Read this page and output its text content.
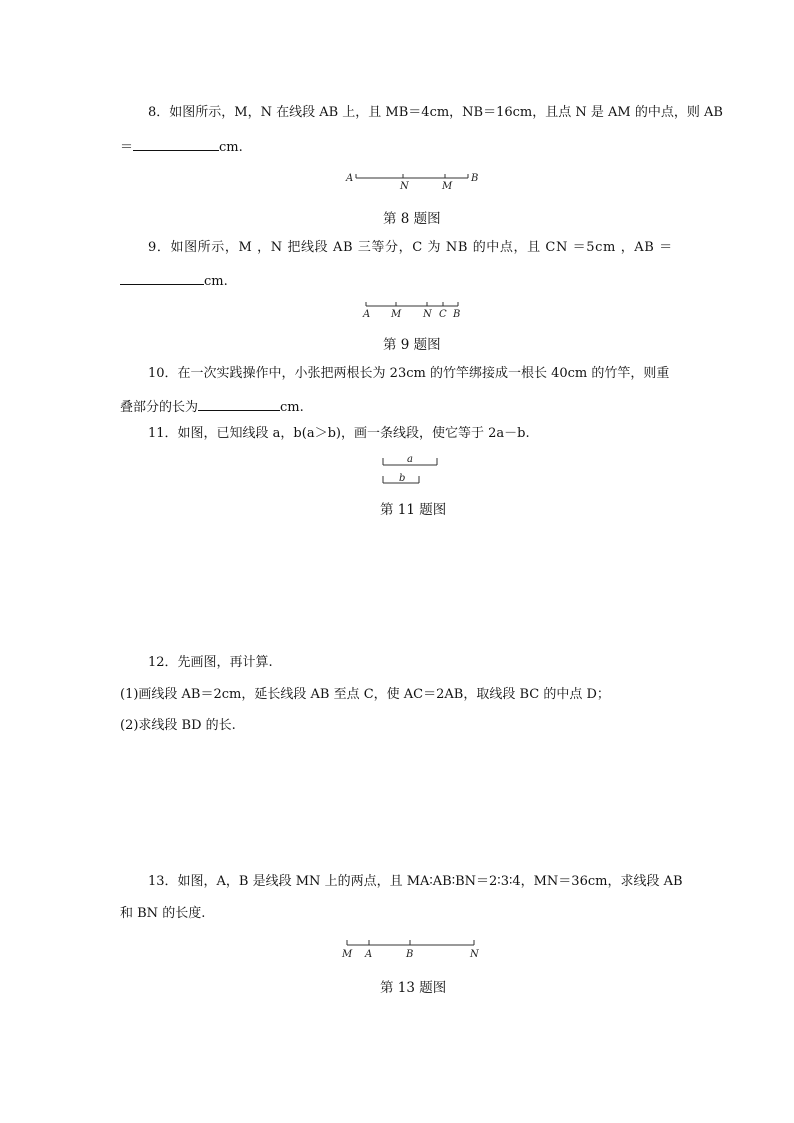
8．如图所示，M，N 在线段 AB 上，且 MB＝4cm，NB＝16cm，且点 N 是 AM 的中点，则 AB
＝	cm.
A
N	M
B
第 8 题图
9．如图所示，M ，N 把线段 AB 三等分，C 为 NB 的中点，且 CN ＝5cm ，AB ＝
cm.
A M N C B
第 9 题图
10．在一次实践操作中，小张把两根长为 23cm 的竹竿绑接成一根长 40cm 的竹竿，则重
叠部分的长为	cm.
11．如图，已知线段 a，b(a＞b)，画一条线段，使它等于 2a－b.
a
b
第 11 题图
12．先画图，再计算.
(1)画线段 AB＝2cm，延长线段 AB 至点 C，使 AC＝2AB，取线段 BC 的中点 D；
(2)求线段 BD 的长.
13．如图，A，B 是线段 MN 上的两点，且 MA∶AB∶BN＝2∶3∶4，MN＝36cm，求线段 AB
和 BN 的长度.
M A	B	N
第 13 题图
